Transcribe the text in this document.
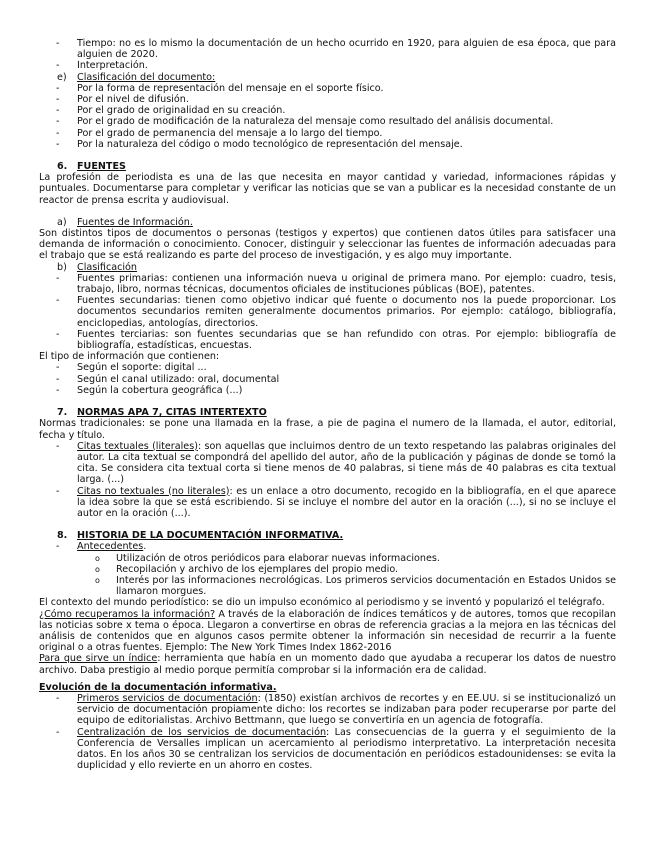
- Tiempo: no es lo mismo la documentación de un hecho ocurrido en 1920, para alguien de esa época, que para alguien de 2020.
- Interpretación.
e) Clasificación del documento:
- Por la forma de representación del mensaje en el soporte físico.
- Por el nivel de difusión.
- Por el grado de originalidad en su creación.
- Por el grado de modificación de la naturaleza del mensaje como resultado del análisis documental.
- Por el grado de permanencia del mensaje a lo largo del tiempo.
- Por la naturaleza del código o modo tecnológico de representación del mensaje.
6. FUENTES

La profesión de periodista es una de las que necesita en mayor cantidad y variedad, informaciones rápidas y puntuales. Documentarse para completar y verificar las noticias que se van a publicar es la necesidad constante de un reactor de prensa escrita y audiovisual.

a) Fuentes de Información.

Son distintos tipos de documentos o personas (testigos y expertos) que contienen datos útiles para satisfacer una demanda de información o conocimiento. Conocer, distinguir y seleccionar las fuentes de información adecuadas para el trabajo que se está realizando es parte del proceso de investigación, y es algo muy importante.

b) Clasificación
- Fuentes primarias: contienen una información nueva u original de primera mano. Por ejemplo: cuadro, tesis, trabajo, libro, normas técnicas, documentos oficiales de instituciones públicas (BOE), patentes.
- Fuentes secundarias: tienen como objetivo indicar qué fuente o documento nos la puede proporcionar. Los documentos secundarios remiten generalmente documentos primarios. Por ejemplo: catálogo, bibliografía, enciclopedias, antologías, directorios.
- Fuentes terciarias: son fuentes secundarias que se han refundido con otras. Por ejemplo: bibliografía de bibliografía, estadísticas, encuestas.

El tipo de información que contienen:

- Según el soporte: digital ...
- Según el canal utilizado: oral, documental
- Según la cobertura geográfica (...)
7. NORMAS APA 7, CITAS INTERTEXTO

Normas tradicionales: se pone una llamada en la frase, a pie de pagina el numero de la llamada, el autor, editorial, fecha y título.

- Citas textuales (literales): son aquellas que incluimos dentro de un texto respetando las palabras originales del autor. La cita textual se compondrá del apellido del autor, año de la publicación y páginas de donde se tomó la cita. Se considera cita textual corta si tiene menos de 40 palabras, si tiene más de 40 palabras es cita textual larga. (...)
- Citas no textuales (no literales): es un enlace a otro documento, recogido en la bibliografía, en el que aparece la idea sobre la que se está escribiendo. Si se incluye el nombre del autor en la oración (...), si no se incluye el autor en la oración (...).
8. HISTORIA DE LA DOCUMENTACIÓN INFORMATIVA.
- Antecedentes.
o Utilización de otros periódicos para elaborar nuevas informaciones.
o Recopilación y archivo de los ejemplares del propio medio.
o Interés por las informaciones necrológicas. Los primeros servicios documentación en Estados Unidos se llamaron morgues.

El contexto del mundo periodístico: se dio un impulso económico al periodismo y se inventó y popularizó el telégrafo.

¿Cómo recuperamos la información? A través de la elaboración de índices temáticos y de autores, tomos que recopilan las noticias sobre x tema o época. Llegaron a convertirse en obras de referencia gracias a la mejora en las técnicas del análisis de contenidos que en algunos casos permite obtener la información sin necesidad de recurrir a la fuente original o a otras fuentes. Ejemplo: The New York Times Index 1862-2016

Para que sirve un índice: herramienta que había en un momento dado que ayudaba a recuperar los datos de nuestro archivo. Daba prestigio al medio porque permitía comprobar si la información era de calidad.

Evolución de la documentación informativa.
- Primeros servicios de documentación: (1850) existían archivos de recortes y en EE.UU. si se institucionalizó un servicio de documentación propiamente dicho: los recortes se indizaban para poder recuperarse por parte del equipo de editorialistas. Archivo Bettmann, que luego se convertiría en un agencia de fotografía.
- Centralización de los servicios de documentación: Las consecuencias de la guerra y el seguimiento de la Conferencia de Versalles implican un acercamiento al periodismo interpretativo. La interpretación necesita datos. En los años 30 se centralizan los servicios de documentación en periódicos estadounidenses: se evita la duplicidad y ello revierte en un ahorro en costes.
